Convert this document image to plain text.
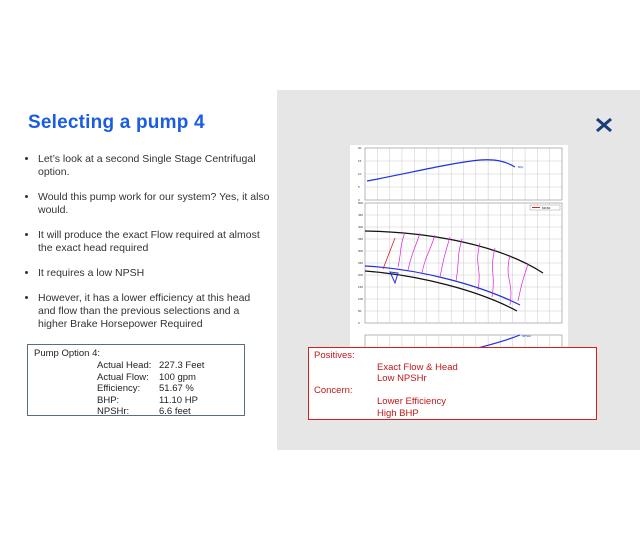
Selecting a pump 4
• Let’s look at a second Single Stage Centrifugal option.
• Would this pump work for our system? Yes, it also would.
• It will produce the exact Flow required at almost the exact head required
• It requires a low NPSH
• However, it has a lower efficiency at this head and flow than the previous selections and a higher Brake Horsepower Required
Pump Option 4:
Actual Head: 227.3 Feet
Actual Flow: 100 gpm
Efficiency: 51.67 %
BHP:	11.10 HP
NPSHr:	6.6 feet
Bhp
MCSF
NPSHr
20
15
10
5
0
500
450
400
350
300
250
200
150
100
50
0
Positives:
Exact Flow & Head
Low NPSHr
Concern:
Lower Efficiency
High BHP
